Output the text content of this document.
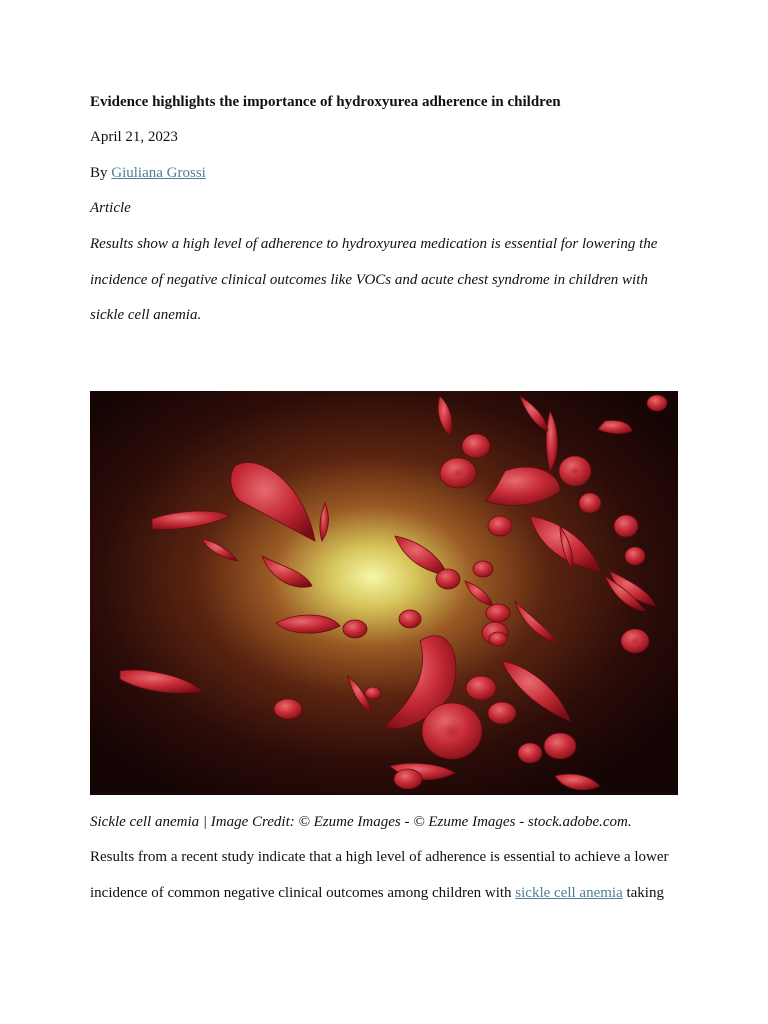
Evidence highlights the importance of hydroxyurea adherence in children
April 21, 2023
By Giuliana Grossi
Article

Results show a high level of adherence to hydroxyurea medication is essential for lowering the incidence of negative clinical outcomes like VOCs and acute chest syndrome in children with sickle cell anemia.

Sickle cell anemia | Image Credit: © Ezume Images - © Ezume Images - stock.adobe.com.

Results from a recent study indicate that a high level of adherence is essential to achieve a lower incidence of common negative clinical outcomes among children with sickle cell anemia taking
